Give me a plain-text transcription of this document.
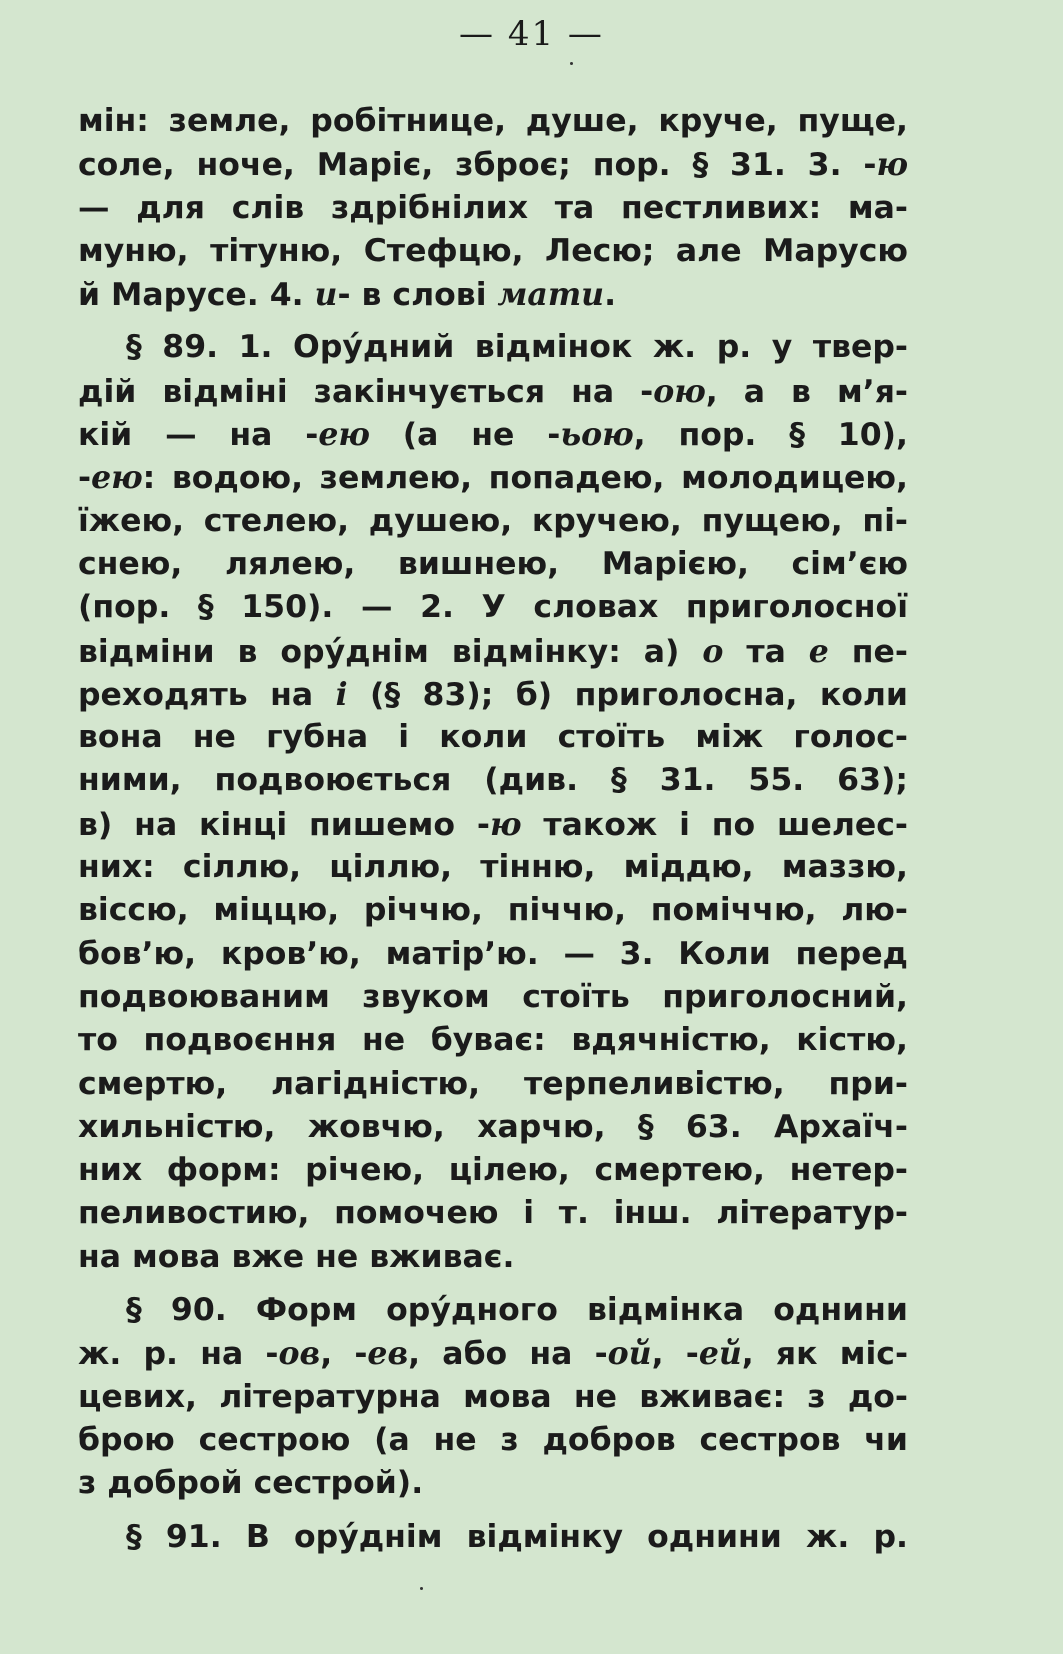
— 41 —
мін: земле, робітнице, душе, круче, пуще,
соле, ноче, Маріє, зброє; пор. § 31. 3. -ю
— для слів здрібнілих та пестливих: ма-
муню, тітуню, Стефцю, Лесю; але Марусю
й Марусе. 4. и- в слові мати.
§ 89. 1. Орýдний відмінок ж. р. у твер-
дій відміні закінчується на -ою, а в м’я-
кій — на -ею (а не -ьою, пор. § 10),
-ею: водою, землею, попадею, молодицею,
їжею, стелею, душею, кручею, пущею, пі-
снею, лялею, вишнею, Марією, сім’єю
(пор. § 150). — 2. У словах приголосної
відміни в орýднім відмінку: а) о та е пе-
реходять на і (§ 83); б) приголосна, коли
вона не губна і коли стоїть між голос-
ними, подвоюється (див. § 31. 55. 63);
в) на кінці пишемо -ю також і по шелес-
них: сіллю, ціллю, тінню, міддю, маззю,
віссю, міццю, річчю, піччю, поміччю, лю-
бов’ю, кров’ю, матір’ю. — 3. Коли перед
подвоюваним звуком стоїть приголосний,
то подвоєння не буває: вдячністю, кістю,
смертю, лагідністю, терпеливістю, при-
хильністю, жовчю, харчю, § 63. Архаїч-
них форм: річею, цілею, смертею, нетер-
пеливостию, помочею і т. інш. літератур-
на мова вже не вживає.
§ 90. Форм орýдного відмінка однини
ж. р. на -ов, -ев, або на -ой, -ей, як міс-
цевих, літературна мова не вживає: з до-
брою сестрою (а не з добров сестров чи
з доброй сестрой).
§ 91. В орýднім відмінку однини ж. р.
